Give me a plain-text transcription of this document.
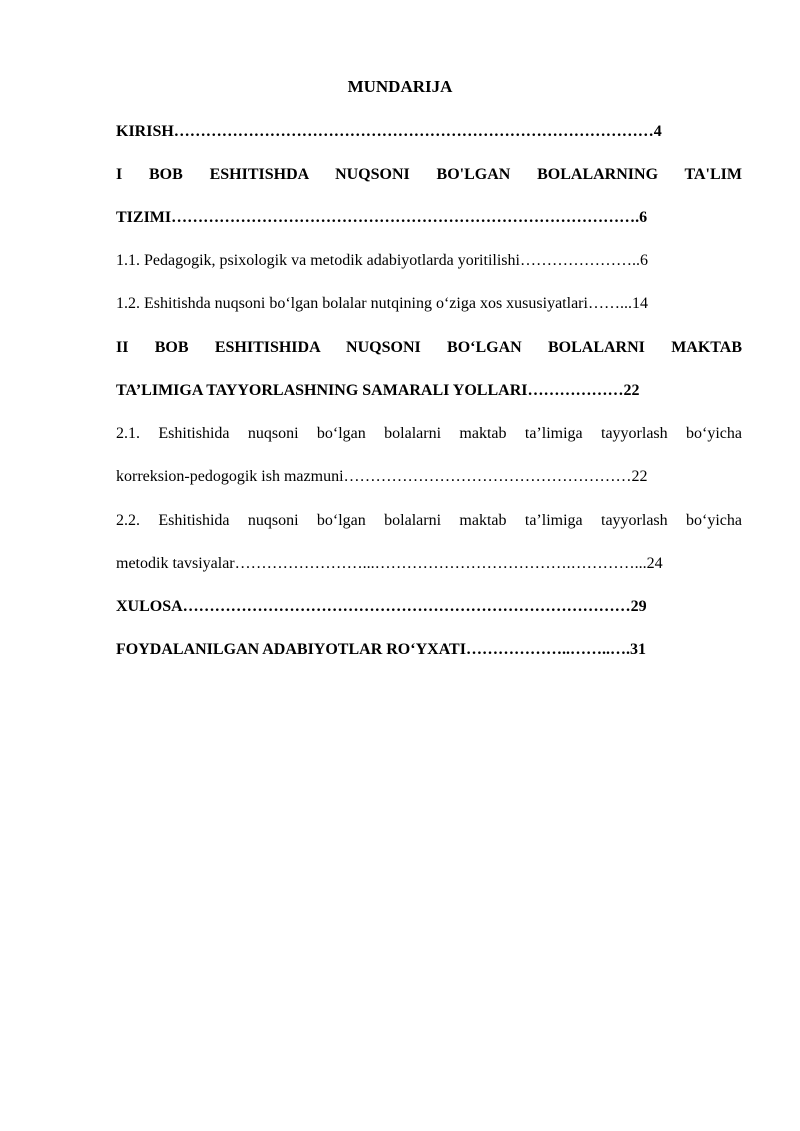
MUNDARIJA
KIRISH………………………………………………………………………………4
I BOB ESHITISHDA NUQSONI BO'LGAN BOLALARNING TA'LIM
TIZIMI…………………………………………………………………………….6
1.1. Pedagogik, psixologik va metodik adabiyotlarda yoritilishi…………………..6
1.2. Eshitishda nuqsoni boʻlgan bolalar nutqining oʻziga xos xususiyatlari……...14
II BOB ESHITISHIDA NUQSONI BOʻLGAN BOLALARNI MAKTAB
TA’LIMIGA TAYYORLASHNING SAMARALI YOLLARI………………22
2.1. Eshitishida nuqsoni boʻlgan bolalarni maktab ta’limiga tayyorlash boʻyicha
korreksion-pedogogik ish mazmuni………………………………………………22
2.2. Eshitishida nuqsoni boʻlgan bolalarni maktab ta’limiga tayyorlash boʻyicha
metodik tavsiyalar……………………...……………………………….…………...24
XULOSA…………………………………………………………………………29
FOYDALANILGAN ADABIYOTLAR ROʻYXATI………………..……..….31
